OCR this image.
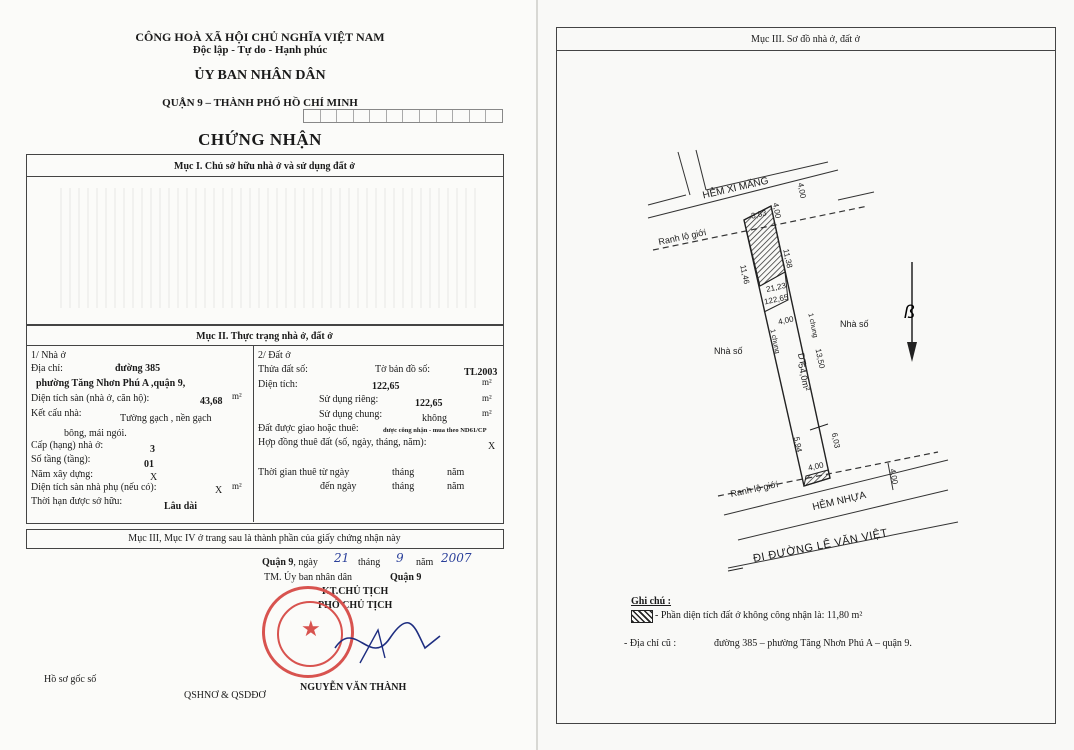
CÔNG HOÀ XÃ HỘI CHỦ NGHĨA VIỆT NAM
Độc lập - Tự do - Hạnh phúc
ỦY BAN NHÂN DÂN
QUẬN 9 – THÀNH PHỐ HỒ CHÍ MINH
CHỨNG NHẬN
Mục I. Chủ sở hữu nhà ở và sử dụng đất ở
Mục II. Thực trạng nhà ở, đất ở
1/ Nhà ở
Địa chỉ:	đường 385
phường Tăng Nhơn Phú A ,quận 9,
Diện tích sàn (nhà ở, căn hộ):	43,68 m²
Kết cấu nhà:	Tường gạch , nền gạch
bông, mái ngói.
Cấp (hạng) nhà ở:	3
Số tầng (tầng):	01
Năm xây dựng:	X
Diện tích sàn nhà phụ (nếu có):	X m²
Thời hạn được sở hữu:	Lâu dài
2/ Đất ở
Thửa đất số:	Tờ bản đồ số:	TL2003
Diện tích:	122,65	m²
Sử dụng riêng:	122,65	m²
Sử dụng chung:	không	m²
Đất được giao hoặc thuê:	được công nhận - mua theo ND61/CP
Hợp đồng thuê đất (số, ngày, tháng, năm):	X
Thời gian thuê từ ngày	tháng	năm
đến ngày	tháng	năm
Mục III, Mục IV ở trang sau là thành phần của giấy chứng nhận này
Quận 9, ngày 21 tháng 9 năm 2007
TM. Ủy ban nhân dân	Quận 9
KT.CHỦ TỊCH
PHÓ CHỦ TỊCH
★
NGUYỄN VĂN THÀNH
Hồ sơ gốc số
QSHNƠ & QSDĐƠ
Mục III. Sơ đồ nhà ở, đất ở
ß
HẺM XI MĂNG
Ranh lộ giới
4,00
3,83 4,00
11,46
11,38
21,23
122,65
4,00
1 chung
1 chung
Nhà số
Nhà số
DT
54,0m²
13,50
5,94	6,03
4,00
4,00
Ranh lộ giới
HẺM NHỰA
ĐI ĐƯỜNG LÊ VĂN VIỆT
Ghi chú :
- Phần diện tích đất ở không công nhận là: 11,80 m²
- Địa chỉ cũ :	đường 385 – phường Tăng Nhơn Phú A – quận 9.
